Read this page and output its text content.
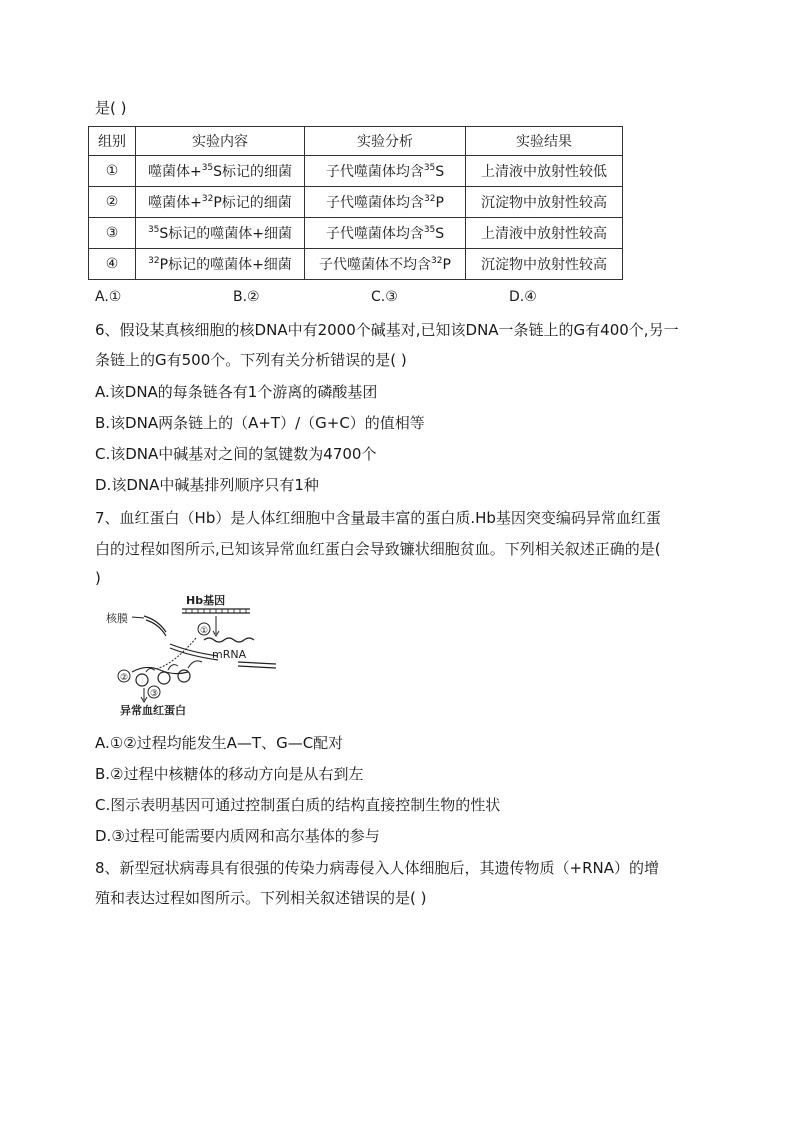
是( )
组别	实验内容	实验分析	实验结果
①	噬菌体+$^{35}$S标记的细菌	子代噬菌体均含$^{35}$S	上清液中放射性较低
②	噬菌体+$^{32}$P标记的细菌	子代噬菌体均含$^{32}$P	沉淀物中放射性较高
③	$^{35}$S标记的噬菌体+细菌	子代噬菌体均含$^{35}$S	上清液中放射性较高
④	$^{32}$P标记的噬菌体+细菌	子代噬菌体不均含$^{32}$P	沉淀物中放射性较高
A.①	B.②	C.③	D.④
6、假设某真核细胞的核DNA中有2000个碱基对,已知该DNA一条链上的G有400个,另一
条链上的G有500个。下列有关分析错误的是( )
A.该DNA的每条链各有1个游离的磷酸基团
B.该DNA两条链上的（A+T）/（G+C）的值相等
C.该DNA中碱基对之间的氢键数为4700个
D.该DNA中碱基排列顺序只有1种
7、血红蛋白（Hb）是人体红细胞中含量最丰富的蛋白质.Hb基因突变编码异常血红蛋
白的过程如图所示,已知该异常血红蛋白会导致镰状细胞贫血。下列相关叙述正确的是(
)
核膜
Hb基因
①
mRNA
②
③
异常血红蛋白
A.①②过程均能发生A—T、G—C配对
B.②过程中核糖体的移动方向是从右到左
C.图示表明基因可通过控制蛋白质的结构直接控制生物的性状
D.③过程可能需要内质网和高尔基体的参与
8、新型冠状病毒具有很强的传染力病毒侵入人体细胞后，其遗传物质（+RNA）的增
殖和表达过程如图所示。下列相关叙述错误的是( )
